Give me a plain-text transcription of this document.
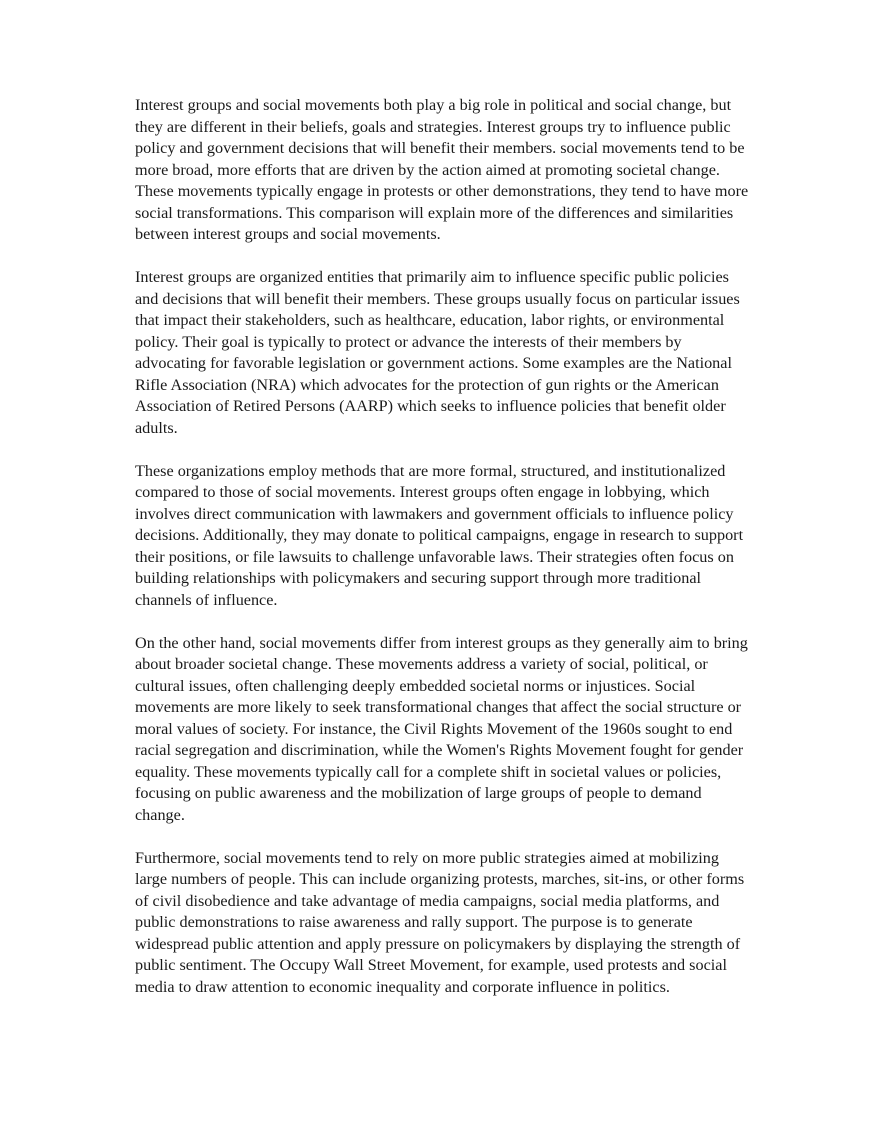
Interest groups and social movements both play a big role in political and social change, but they are different in their beliefs, goals and strategies. Interest groups try to influence public policy and government decisions that will benefit their members. social movements tend to be more broad, more efforts that are driven by the action aimed at promoting societal change. These movements typically engage in protests or other demonstrations, they tend to have more social transformations. This comparison will explain more of the differences and similarities between interest groups and social movements.

Interest groups are organized entities that primarily aim to influence specific public policies and decisions that will benefit their members. These groups usually focus on particular issues that impact their stakeholders, such as healthcare, education, labor rights, or environmental policy. Their goal is typically to protect or advance the interests of their members by advocating for favorable legislation or government actions. Some examples are the National Rifle Association (NRA) which advocates for the protection of gun rights or the American Association of Retired Persons (AARP) which seeks to influence policies that benefit older adults.

These organizations employ methods that are more formal, structured, and institutionalized compared to those of social movements. Interest groups often engage in lobbying, which involves direct communication with lawmakers and government officials to influence policy decisions. Additionally, they may donate to political campaigns, engage in research to support their positions, or file lawsuits to challenge unfavorable laws. Their strategies often focus on building relationships with policymakers and securing support through more traditional channels of influence.

On the other hand, social movements differ from interest groups as they generally aim to bring about broader societal change. These movements address a variety of social, political, or cultural issues, often challenging deeply embedded societal norms or injustices. Social movements are more likely to seek transformational changes that affect the social structure or moral values of society. For instance, the Civil Rights Movement of the 1960s sought to end racial segregation and discrimination, while the Women's Rights Movement fought for gender equality. These movements typically call for a complete shift in societal values or policies, focusing on public awareness and the mobilization of large groups of people to demand change.

Furthermore, social movements tend to rely on more public strategies aimed at mobilizing large numbers of people. This can include organizing protests, marches, sit-ins, or other forms of civil disobedience and take advantage of media campaigns, social media platforms, and public demonstrations to raise awareness and rally support. The purpose is to generate widespread public attention and apply pressure on policymakers by displaying the strength of public sentiment. The Occupy Wall Street Movement, for example, used protests and social media to draw attention to economic inequality and corporate influence in politics.
